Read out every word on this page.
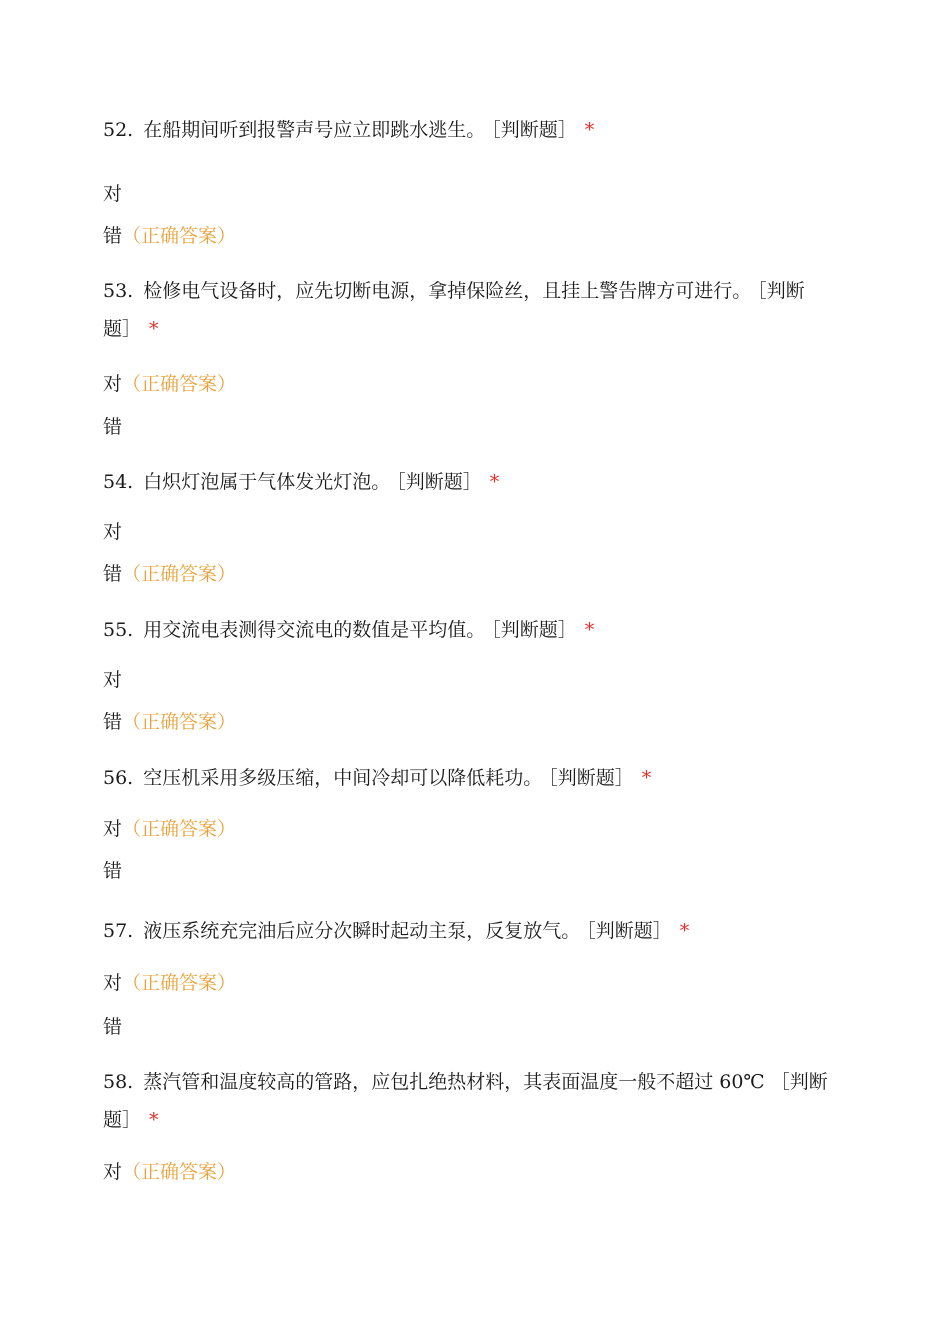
52. 在船期间听到报警声号应立即跳水逃生。 ［判断题］ *
对
错（正确答案）
53. 检修电气设备时，应先切断电源，拿掉保险丝，且挂上警告牌方可进行。 ［判断题］ *
对（正确答案）
错
54. 白炽灯泡属于气体发光灯泡。 ［判断题］ *
对
错（正确答案）
55. 用交流电表测得交流电的数值是平均值。 ［判断题］ *
对
错（正确答案）
56. 空压机采用多级压缩，中间冷却可以降低耗功。 ［判断题］ *
对（正确答案）
错
57. 液压系统充完油后应分次瞬时起动主泵，反复放气。 ［判断题］ *
对（正确答案）
错
58. 蒸汽管和温度较高的管路，应包扎绝热材料，其表面温度一般不超过 60℃ ［判断题］ *
对（正确答案）
